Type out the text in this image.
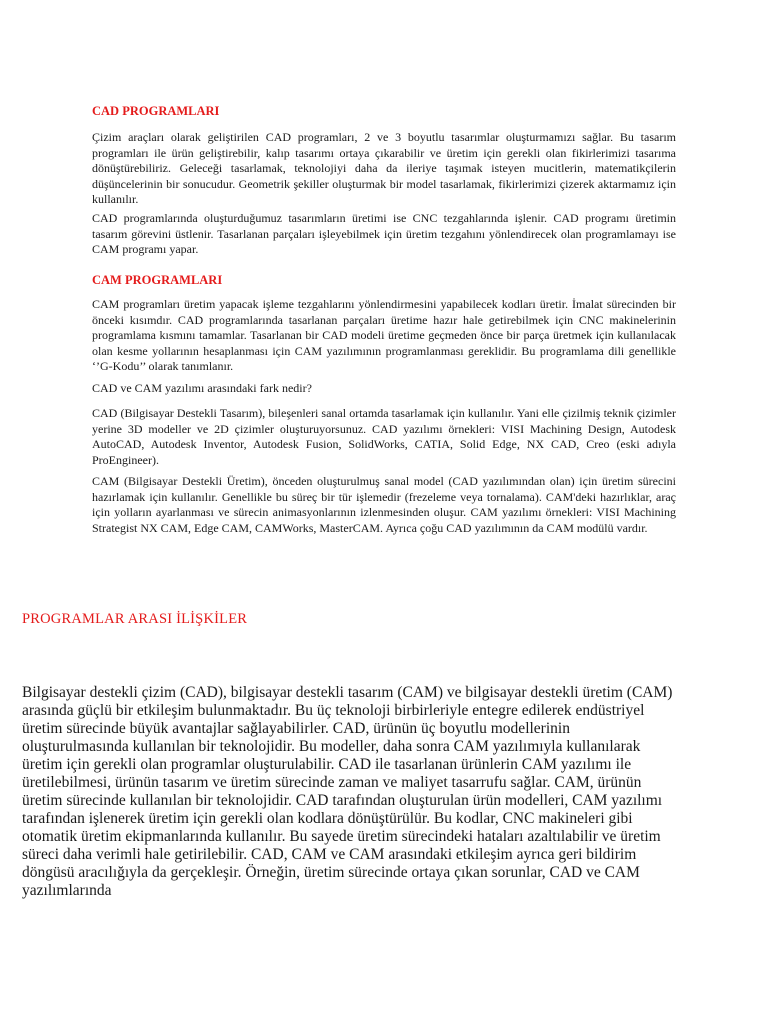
CAD PROGRAMLARI

Çizim araçları olarak geliştirilen CAD programları, 2 ve 3 boyutlu tasarımlar oluşturmamızı sağlar. Bu tasarım programları ile ürün geliştirebilir, kalıp tasarımı ortaya çıkarabilir ve üretim için gerekli olan fikirlerimizi tasarıma dönüştürebiliriz. Geleceği tasarlamak, teknolojiyi daha da ileriye taşımak isteyen mucitlerin, matematikçilerin düşüncelerinin bir sonucudur. Geometrik şekiller oluşturmak bir model tasarlamak, fikirlerimizi çizerek aktarmamız için kullanılır.

CAD programlarında oluşturduğumuz tasarımların üretimi ise CNC tezgahlarında işlenir. CAD programı üretimin tasarım görevini üstlenir. Tasarlanan parçaları işleyebilmek için üretim tezgahını yönlendirecek olan programlamayı ise CAM programı yapar.

CAM PROGRAMLARI

CAM programları üretim yapacak işleme tezgahlarını yönlendirmesini yapabilecek kodları üretir. İmalat sürecinden bir önceki kısımdır. CAD programlarında tasarlanan parçaları üretime hazır hale getirebilmek için CNC makinelerinin programlama kısmını tamamlar. Tasarlanan bir CAD modeli üretime geçmeden önce bir parça üretmek için kullanılacak olan kesme yollarının hesaplanması için CAM yazılımının programlanması gereklidir. Bu programlama dili genellikle ‘’G-Kodu’’ olarak tanımlanır.

CAD ve CAM yazılımı arasındaki fark nedir?

CAD (Bilgisayar Destekli Tasarım), bileşenleri sanal ortamda tasarlamak için kullanılır. Yani elle çizilmiş teknik çizimler yerine 3D modeller ve 2D çizimler oluşturuyorsunuz. CAD yazılımı örnekleri: VISI Machining Design, Autodesk AutoCAD, Autodesk Inventor, Autodesk Fusion, SolidWorks, CATIA, Solid Edge, NX CAD, Creo (eski adıyla ProEngineer).

CAM (Bilgisayar Destekli Üretim), önceden oluşturulmuş sanal model (CAD yazılımından olan) için üretim sürecini hazırlamak için kullanılır. Genellikle bu süreç bir tür işlemedir (frezeleme veya tornalama). CAM'deki hazırlıklar, araç için yolların ayarlanması ve sürecin animasyonlarının izlenmesinden oluşur. CAM yazılımı örnekleri: VISI Machining Strategist NX CAM, Edge CAM, CAMWorks, MasterCAM. Ayrıca çoğu CAD yazılımının da CAM modülü vardır.

PROGRAMLAR ARASI İLİŞKİLER

Bilgisayar destekli çizim (CAD), bilgisayar destekli tasarım (CAM) ve bilgisayar destekli üretim (CAM) arasında güçlü bir etkileşim bulunmaktadır. Bu üç teknoloji birbirleriyle entegre edilerek endüstriyel üretim sürecinde büyük avantajlar sağlayabilirler. CAD, ürünün üç boyutlu modellerinin oluşturulmasında kullanılan bir teknolojidir. Bu modeller, daha sonra CAM yazılımıyla kullanılarak üretim için gerekli olan programlar oluşturulabilir. CAD ile tasarlanan ürünlerin CAM yazılımı ile üretilebilmesi, ürünün tasarım ve üretim sürecinde zaman ve maliyet tasarrufu sağlar. CAM, ürünün üretim sürecinde kullanılan bir teknolojidir. CAD tarafından oluşturulan ürün modelleri, CAM yazılımı tarafından işlenerek üretim için gerekli olan kodlara dönüştürülür. Bu kodlar, CNC makineleri gibi otomatik üretim ekipmanlarında kullanılır. Bu sayede üretim sürecindeki hataları azaltılabilir ve üretim süreci daha verimli hale getirilebilir. CAD, CAM ve CAM arasındaki etkileşim ayrıca geri bildirim döngüsü aracılığıyla da gerçekleşir. Örneğin, üretim sürecinde ortaya çıkan sorunlar, CAD ve CAM yazılımlarında
